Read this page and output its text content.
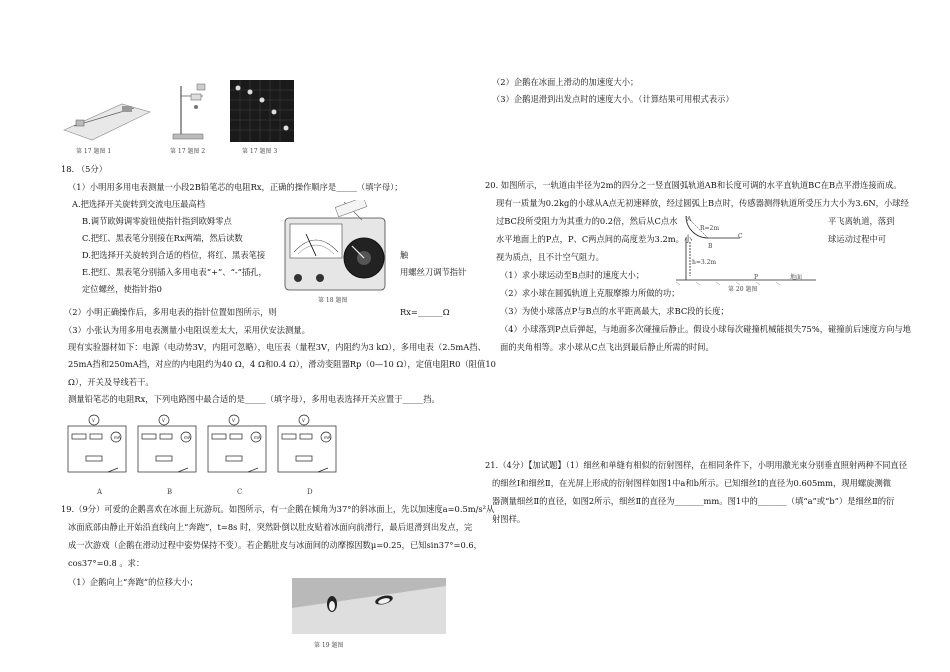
第 17 题图 1	第 17 题图 2	第 17 题图 3
18. （5分）
（1）小明用多用电表测量一小段2B铅笔芯的电阻Rx，正确的操作顺序是_____（填字母）；
A.把选择开关旋转到交流电压最高档
B.调节欧姆调零旋钮使指针指到欧姆零点
C.把红、黑表笔分别接在Rx两端，然后读数
D.把选择开关旋转到合适的档位，将红、黑表笔接	触
E.把红、黑表笔分别插入多用电表“+”、“-”插孔，	用螺丝刀调节指针
定位螺丝，使指针指0
第 18 题图
（2）小明正确操作后，多用电表的指针位置如图所示，则	Rx=______Ω
（3）小张认为用多用电表测量小电阻误差太大，采用伏安法测量。
现有实验器材如下：电源（电动势3V，内阻可忽略），电压表（量程3V，内阻约为3 kΩ），多用电表（2.5mA挡、
25mA挡和250mA挡，对应的内电阻约为40 Ω，4 Ω和0.4 Ω），滑动变阻器Rp（0—10 Ω），定值电阻R0（阻值10
Ω），开关及导线若干。
测量铅笔芯的电阻Rx，下列电路图中最合适的是_____（填字母），多用电表选择开关应置于_____挡。
V
mA
V
mA
V
mA
V
mA
A	B	C	D
19.（9分）可爱的企鹅喜欢在冰面上玩游玩。如图所示，有一企鹅在倾角为37°的斜冰面上，先以加速度a=0.5m/s²从
冰面底部由静止开始沿直线向上“奔跑”，t=8s 时，突然卧倒以肚皮贴着冰面向前滑行，最后退滑到出发点，完
成一次游戏（企鹅在滑动过程中姿势保持不变）。若企鹅肚皮与冰面间的动摩擦因数μ=0.25，已知sin37°=0.6，
cos37°=0.8 。求：
（1）企鹅向上“奔跑”的位移大小；
第 19 题图
（2）企鹅在冰面上滑动的加速度大小；
（3）企鹅退滑到出发点时的速度大小。（计算结果可用根式表示）
20. 如图所示，一轨道由半径为2m的四分之一竖直圆弧轨道AB和长度可调的水平直轨道BC在B点平滑连接而成。
现有一质量为0.2kg的小球从A点无初速释放，经过圆弧上B点时，传感器测得轨道所受压力大小为3.6N，小球经
过BC段所受阻力为其重力的0.2倍，然后从C点水	平飞离轨道，落到
水平地面上的P点，P、C两点间的高度差为3.2m。小	球运动过程中可
视为质点，且不计空气阻力。
（1）求小球运动至B点时的速度大小；
（2）求小球在圆弧轨道上克服摩擦力所做的功；
（3）为使小球落点P与B点的水平距离最大，求BC段的长度；
（4）小球落到P点后弹起，与地面多次碰撞后静止。假设小球每次碰撞机械能损失75%，碰撞前后速度方向与地
面的夹角相等。求小球从C点飞出到最后静止所需的时间。
A
R=2m
B
C
h=3.2m
P	地面
第 20 题图
21.（4分）【加试题】（1）细丝和单缝有相似的衍射图样，在相同条件下，小明用激光束分别垂直照射两种不同直径
的细丝Ⅰ和细丝Ⅱ，在光屏上形成的衍射图样如图1中a和b所示。已知细丝Ⅰ的直径为0.605mm，现用螺旋测微
器测量细丝Ⅱ的直径，如图2所示，细丝Ⅱ的直径为_______mm。图1中的_______（填“a”或“b”）是细丝Ⅱ的衍
射图样。
